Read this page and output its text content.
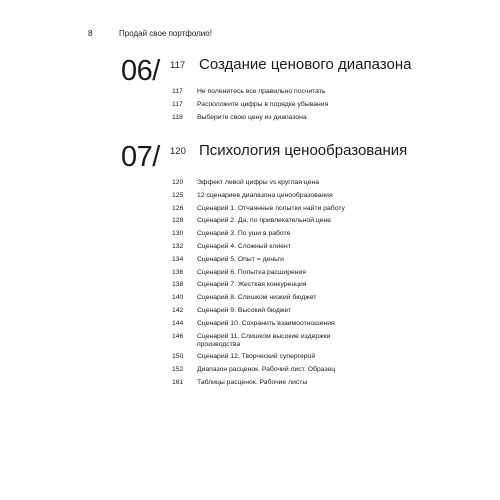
8	Продай свое портфолио!
06/ 117 Создание ценового диапазона
117	Не поленитесь все правильно посчитать
117	Расположите цифры в порядке убывания
118	Выберите свою цену из диапазона
07/ 120 Психология ценообразования
120	Эффект левой цифры vs круглая цена
125	12 сценариев диапазона ценообразования
126	Сценарий 1. Отчаянные попытки найти работу
128	Сценарий 2. Да, по привлекательной цене
130	Сценарий 3. По уши в работе
132	Сценарий 4. Сложный клиент
134	Сценарий 5. Опыт = деньги
136	Сценарий 6. Попытка расширения
138	Сценарий 7. Жесткая конкуренция
140	Сценарий 8. Слишком низкий бюджет
142	Сценарий 9. Высокий бюджет
144	Сценарий 10. Сохранить взаимоотношения
146	Сценарий 11. Слишком высокие издержки производства
150	Сценарий 12. Творческий супергерой
152	Диапазон расценок. Рабочий лист. Образец
161	Таблицы расценок. Рабочие листы
